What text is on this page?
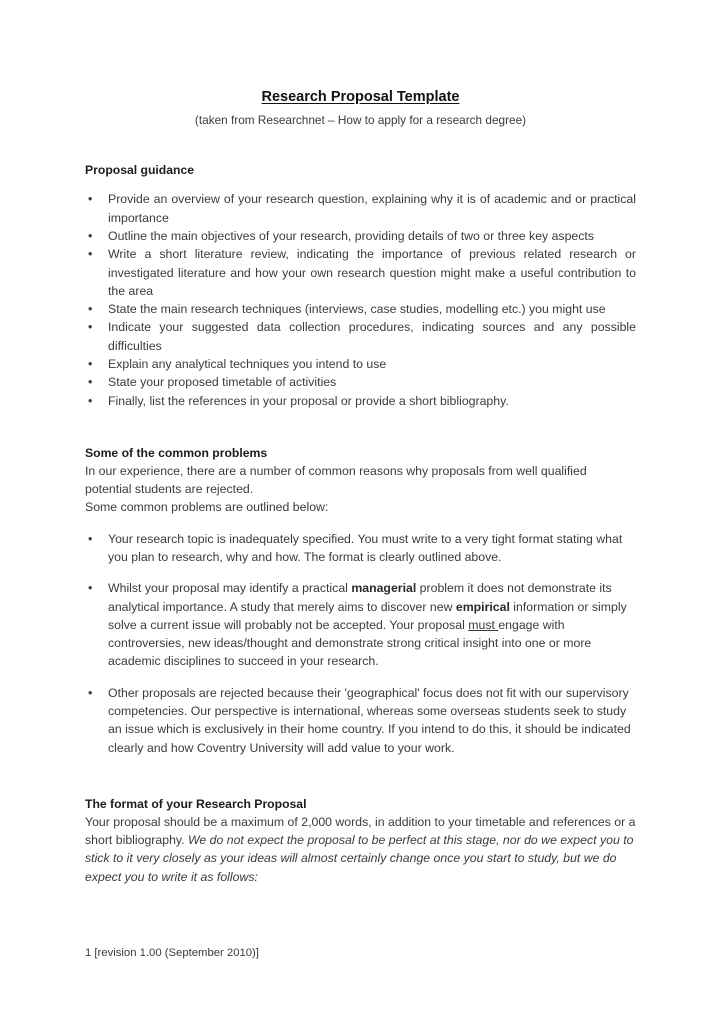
Research Proposal Template

(taken from Researchnet – How to apply for a research degree)

Proposal guidance
• Provide an overview of your research question, explaining why it is of academic and or practical importance
• Outline the main objectives of your research, providing details of two or three key aspects
• Write a short literature review, indicating the importance of previous related research or investigated literature and how your own research question might make a useful contribution to the area
• State the main research techniques (interviews, case studies, modelling etc.) you might use
• Indicate your suggested data collection procedures, indicating sources and any possible difficulties
• Explain any analytical techniques you intend to use
• State your proposed timetable of activities
• Finally, list the references in your proposal or provide a short bibliography.
Some of the common problems

In our experience, there are a number of common reasons why proposals from well qualified potential students are rejected.

Some common problems are outlined below:

• Your research topic is inadequately specified. You must write to a very tight format stating what you plan to research, why and how. The format is clearly outlined above.
• Whilst your proposal may identify a practical managerial problem it does not demonstrate its analytical importance. A study that merely aims to discover new empirical information or simply solve a current issue will probably not be accepted. Your proposal must engage with controversies, new ideas/thought and demonstrate strong critical insight into one or more academic disciplines to succeed in your research.
• Other proposals are rejected because their 'geographical' focus does not fit with our supervisory competencies. Our perspective is international, whereas some overseas students seek to study an issue which is exclusively in their home country. If you intend to do this, it should be indicated clearly and how Coventry University will add value to your work.
The format of your Research Proposal

Your proposal should be a maximum of 2,000 words, in addition to your timetable and references or a short bibliography. We do not expect the proposal to be perfect at this stage, nor do we expect you to stick to it very closely as your ideas will almost certainly change once you start to study, but we do expect you to write it as follows:

1 [revision 1.00 (September 2010)]
